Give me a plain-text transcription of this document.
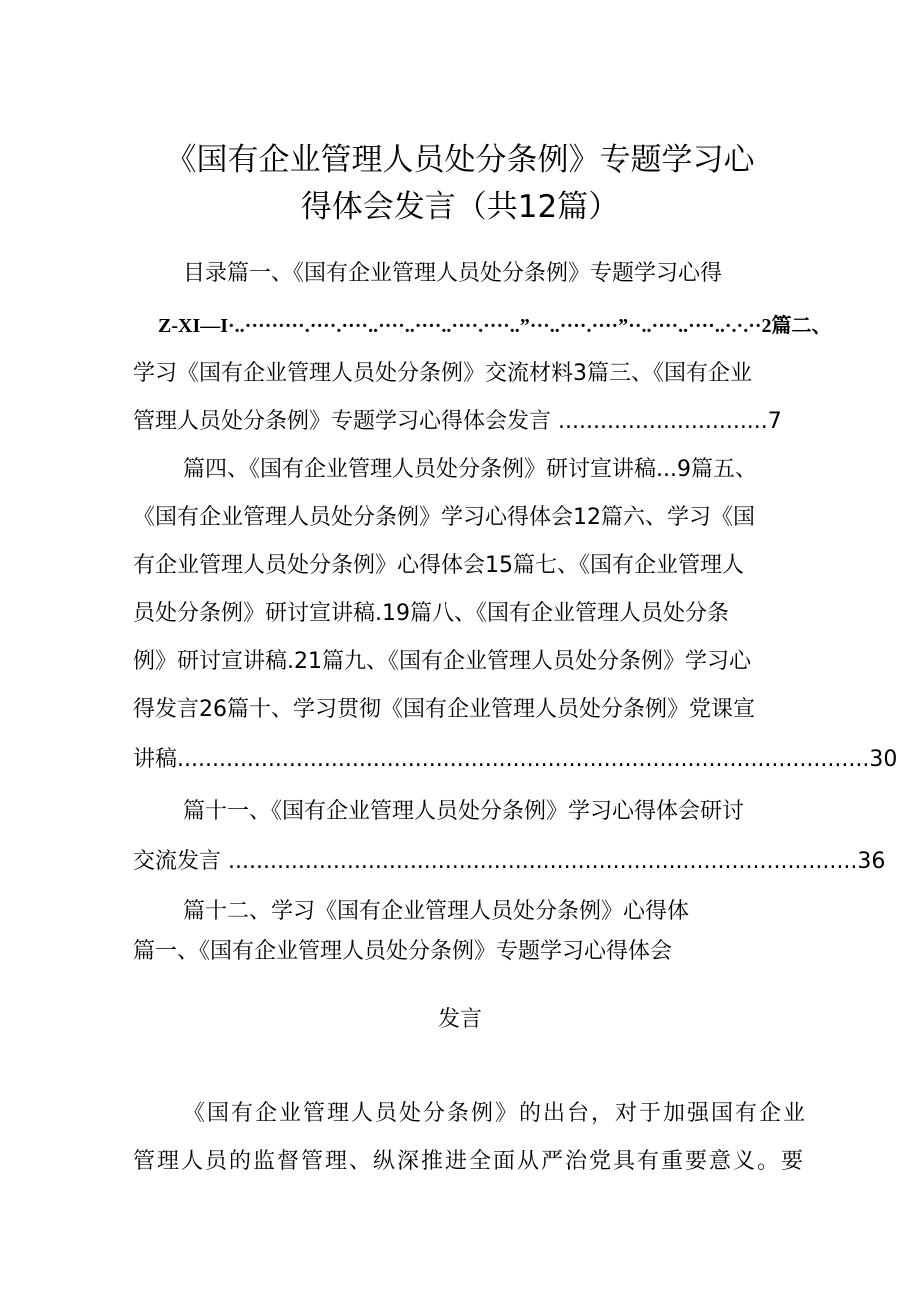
《国有企业管理人员处分条例》专题学习心
得体会发言（共12篇）
目录篇一、《国有企业管理人员处分条例》专题学习心得
Z-XI—I·..·········.····.····..····..····..····.····..”···..····.····”··..····..····..·.·.··2篇二、
学习《国有企业管理人员处分条例》交流材料3篇三、《国有企业
管理人员处分条例》专题学习心得体会发言 ..............................7
篇四、《国有企业管理人员处分条例》研讨宣讲稿...9篇五、
《国有企业管理人员处分条例》学习心得体会12篇六、学习《国
有企业管理人员处分条例》心得体会15篇七、《国有企业管理人
员处分条例》研讨宣讲稿.19篇八、《国有企业管理人员处分条
例》研讨宣讲稿.21篇九、《国有企业管理人员处分条例》学习心
得发言26篇十、学习贯彻《国有企业管理人员处分条例》党课宣
讲稿...................................................................................................30
篇十一、《国有企业管理人员处分条例》学习心得体会研讨
交流发言 ..........................................................................................36
篇十二、学习《国有企业管理人员处分条例》心得体
篇一、《国有企业管理人员处分条例》专题学习心得体会
发言
《国有企业管理人员处分条例》的出台，对于加强国有企业
管理人员的监督管理、纵深推进全面从严治党具有重要意义。要
